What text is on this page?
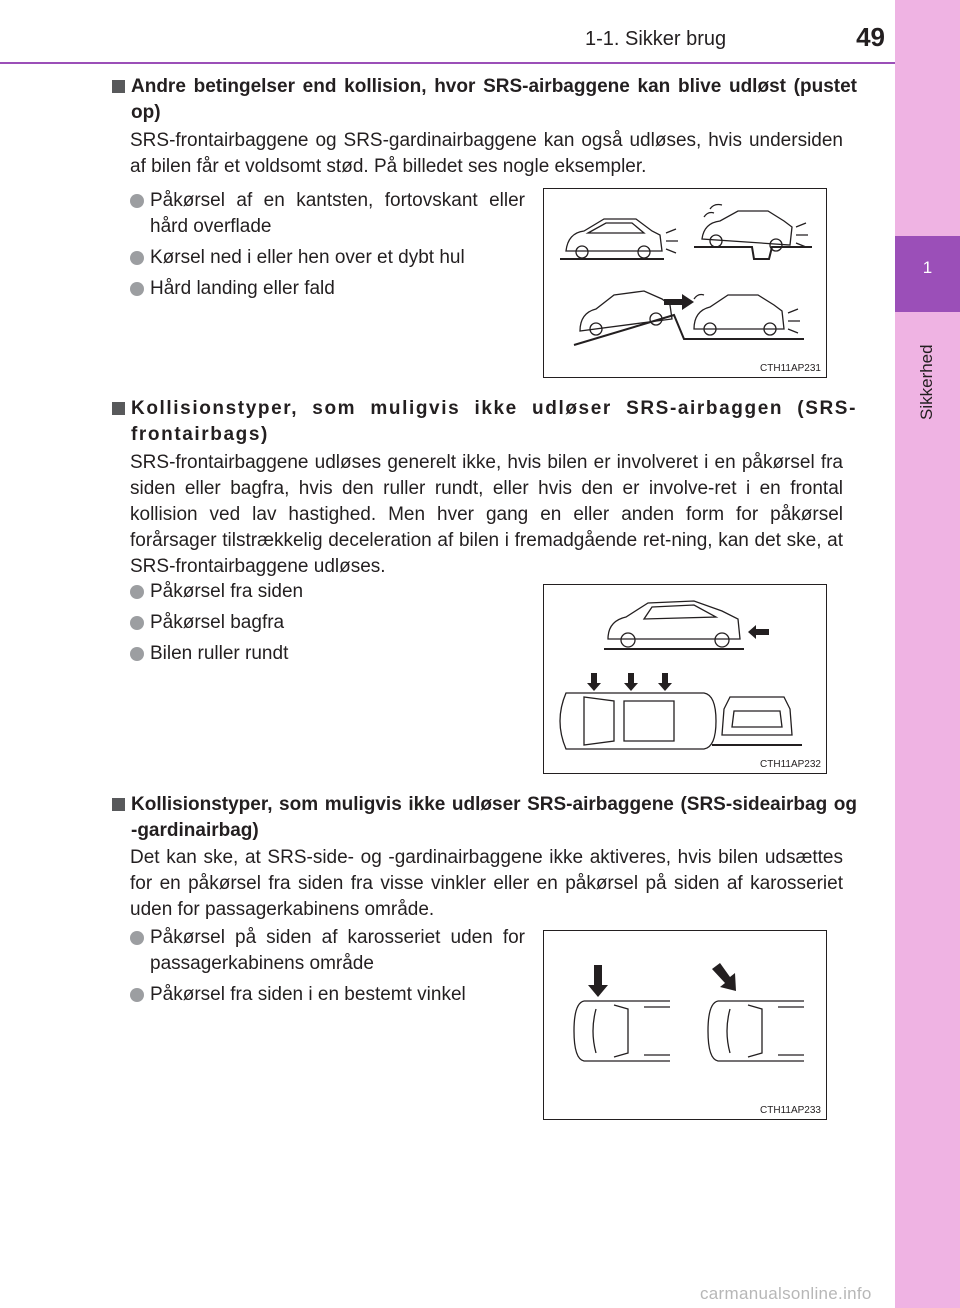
1
Sikkerhed
1-1. Sikker brug	49
Andre betingelser end kollision, hvor SRS-airbaggene kan blive udløst (pustet op)
SRS-frontairbaggene og SRS-gardinairbaggene kan også udløses, hvis undersiden af bilen får et voldsomt stød. På billedet ses nogle eksempler.
Påkørsel af en kantsten, fortovskant eller hård overflade
Kørsel ned i eller hen over et dybt hul
Hård landing eller fald
CTH11AP231
Kollisionstyper, som muligvis ikke udløser SRS-airbaggen (SRS-frontairbags)
SRS-frontairbaggene udløses generelt ikke, hvis bilen er involveret i en påkørsel fra siden eller bagfra, hvis den ruller rundt, eller hvis den er involve-ret i en frontal kollision ved lav hastighed. Men hver gang en eller anden form for påkørsel forårsager tilstrækkelig deceleration af bilen i fremadgående ret-ning, kan det ske, at SRS-frontairbaggene udløses.
Påkørsel fra siden
Påkørsel bagfra
Bilen ruller rundt
CTH11AP232
Kollisionstyper, som muligvis ikke udløser SRS-airbaggene (SRS-sideairbag og -gardinairbag)
Det kan ske, at SRS-side- og -gardinairbaggene ikke aktiveres, hvis bilen udsættes for en påkørsel fra siden fra visse vinkler eller en påkørsel på siden af karosseriet uden for passagerkabinens område.
Påkørsel på siden af karosseriet uden for passagerkabinens område
Påkørsel fra siden i en bestemt vinkel
CTH11AP233
carmanualsonline.info
